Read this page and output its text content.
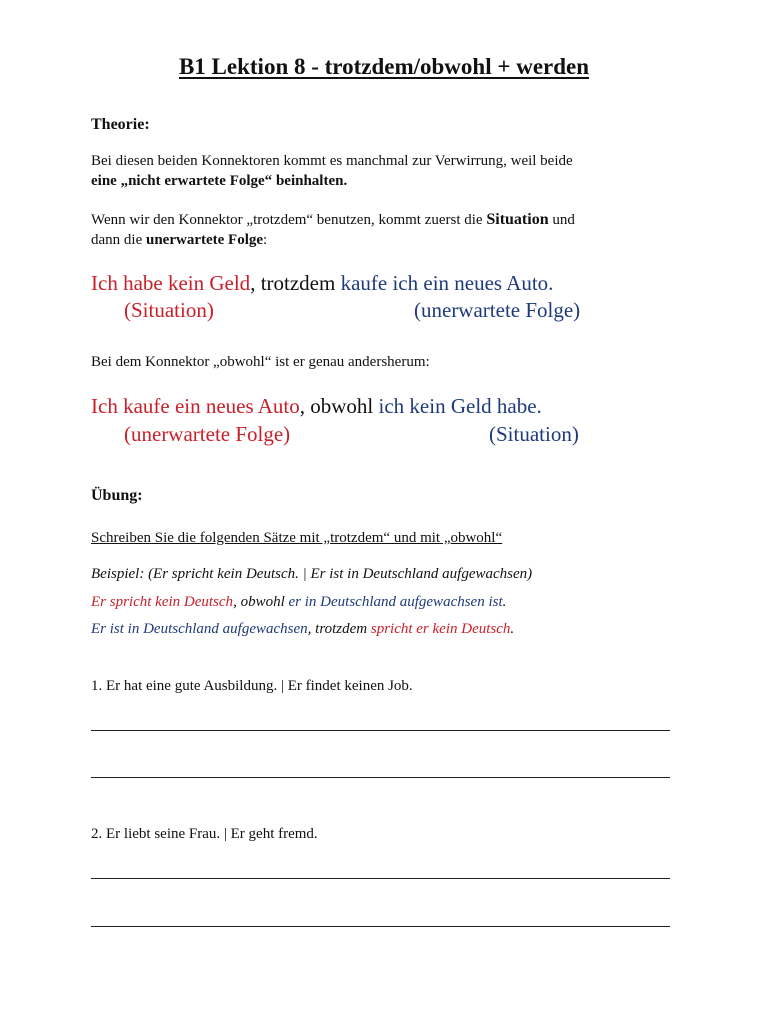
B1 Lektion 8 - trotzdem/obwohl + werden
Theorie:
Bei diesen beiden Konnektoren kommt es manchmal zur Verwirrung, weil beide
eine „nicht erwartete Folge“ beinhalten.
Wenn wir den Konnektor „trotzdem“ benutzen, kommt zuerst die Situation und
dann die unerwartete Folge:
Ich habe kein Geld, trotzdem kaufe ich ein neues Auto.
(Situation)	(unerwartete Folge)
Bei dem Konnektor „obwohl“ ist er genau andersherum:
Ich kaufe ein neues Auto, obwohl ich kein Geld habe.
(unerwartete Folge)	(Situation)
Übung:
Schreiben Sie die folgenden Sätze mit „trotzdem“ und mit „obwohl“
Beispiel: (Er spricht kein Deutsch. | Er ist in Deutschland aufgewachsen)
Er spricht kein Deutsch, obwohl er in Deutschland aufgewachsen ist.
Er ist in Deutschland aufgewachsen, trotzdem spricht er kein Deutsch.
1. Er hat eine gute Ausbildung. | Er findet keinen Job.
2. Er liebt seine Frau. | Er geht fremd.
